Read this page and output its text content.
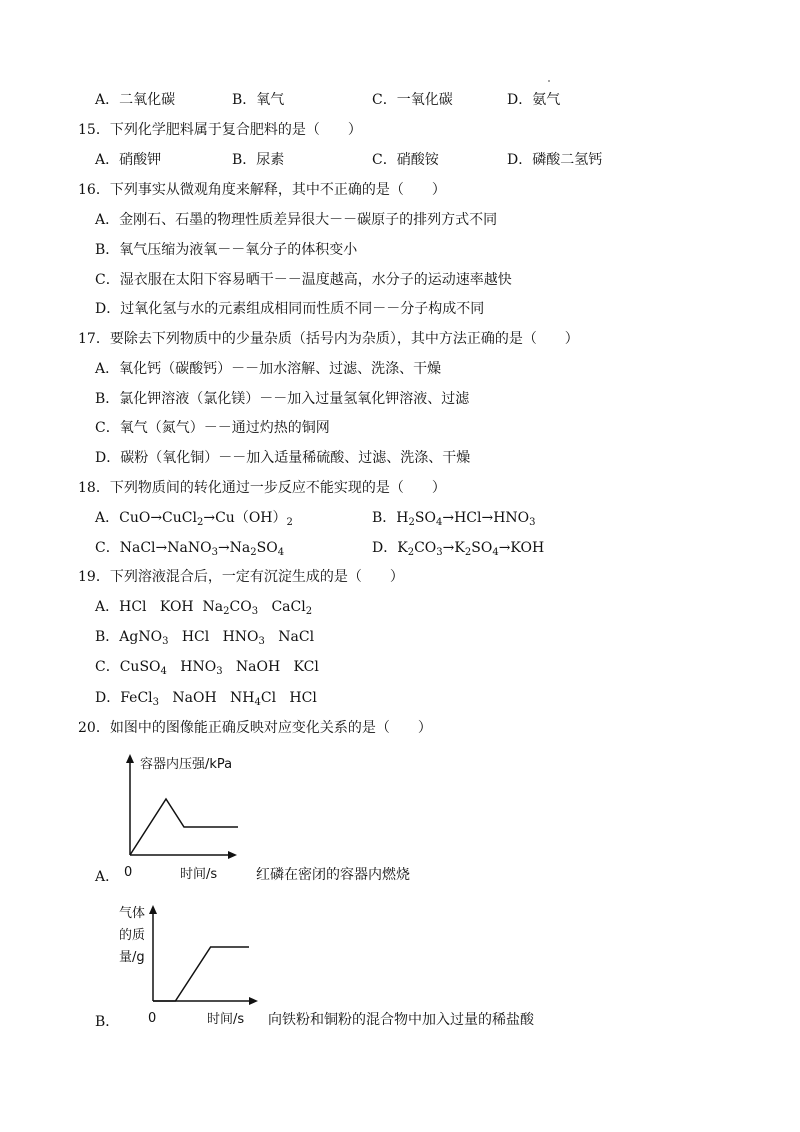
A．二氧化碳	B．氧气	C．一氧化碳	D．氨气
15．下列化学肥料属于复合肥料的是（　　）
A．硝酸钾	B．尿素	C．硝酸铵	D．磷酸二氢钙
16．下列事实从微观角度来解释，其中不正确的是（　　）
A．金刚石、石墨的物理性质差异很大－－碳原子的排列方式不同
B．氧气压缩为液氧－－氧分子的体积变小
C．湿衣服在太阳下容易晒干－－温度越高，水分子的运动速率越快
D．过氧化氢与水的元素组成相同而性质不同－－分子构成不同
17．要除去下列物质中的少量杂质（括号内为杂质），其中方法正确的是（　　）
A．氧化钙（碳酸钙）－－加水溶解、过滤、洗涤、干燥
B．氯化钾溶液（氯化镁）－－加入过量氢氧化钾溶液、过滤
C．氧气（氮气）－－通过灼热的铜网
D．碳粉（氧化铜）－－加入适量稀硫酸、过滤、洗涤、干燥
18．下列物质间的转化通过一步反应不能实现的是（　　）
A．$CuO\to CuCl_2\to Cu(OH)_2$	B．$H_2SO_4\to HCl\to HNO_3$
C．$NaCl\to NaNO_3\to Na_2SO_4$	D．$K_2CO_3\to K_2SO_4\to KOH$
19．下列溶液混合后，一定有沉淀生成的是（　　）
A．HCl   KOH  $Na_2CO_3$   CaCl$_2$
B．AgNO$_3$   HCl   $HNO_3$   NaCl
C．CuSO$_4$   $HNO_3$   NaOH   KCl
D．FeCl$_3$   NaOH   $NH_4Cl$   HCl
20．如图中的图像能正确反映对应变化关系的是（　　）
容器内压强/kPa
0	时间/s
A．	红磷在密闭的容器内燃烧
气体
的质
量/g
0	时间/s
B．	向铁粉和铜粉的混合物中加入过量的稀盐酸
